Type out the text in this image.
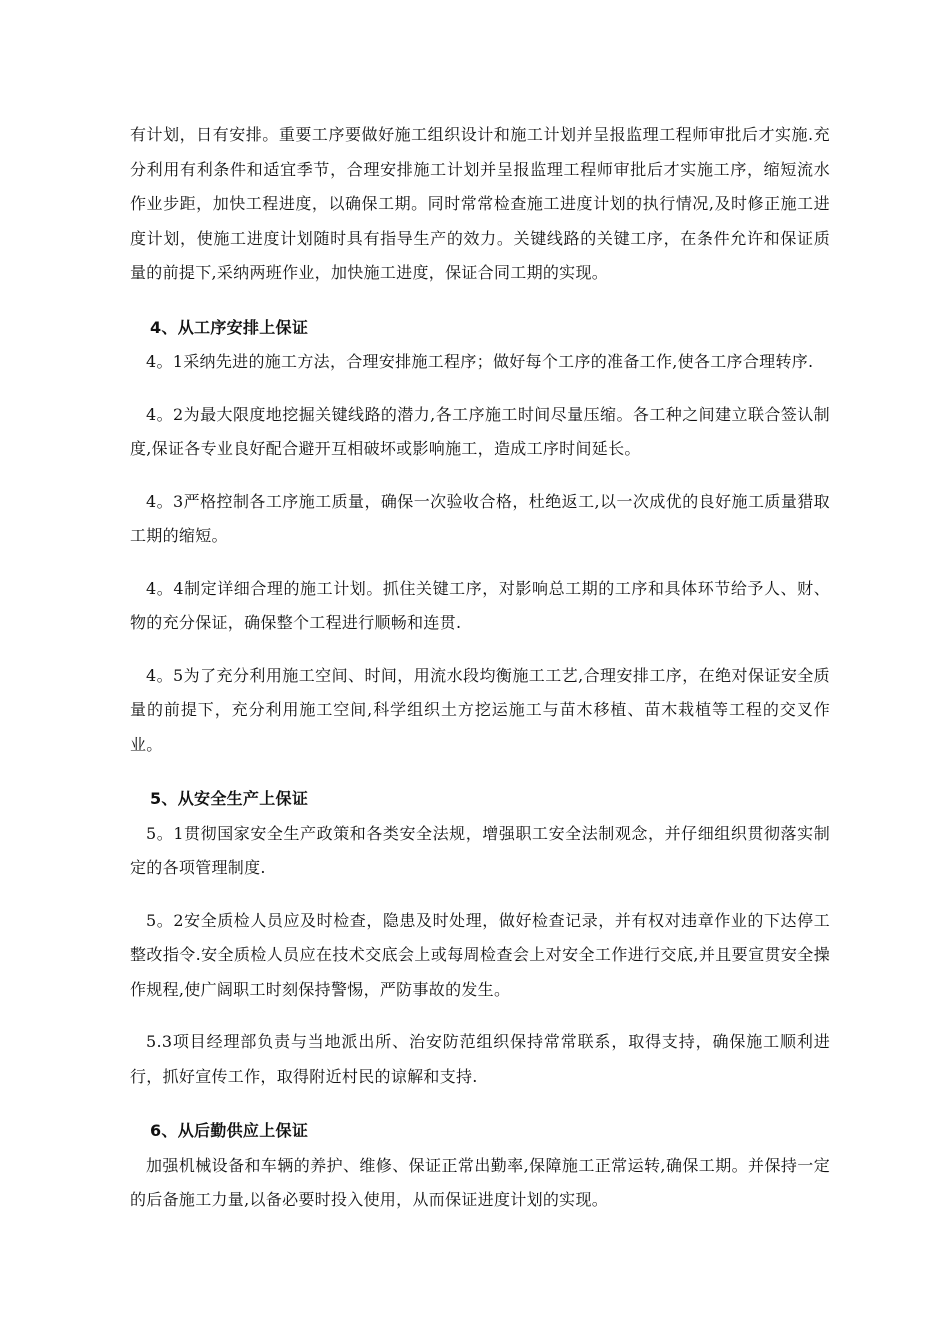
有计划，日有安排。重要工序要做好施工组织设计和施工计划并呈报监理工程师审批后才实施.充分利用有利条件和适宜季节，合理安排施工计划并呈报监理工程师审批后才实施工序，缩短流水作业步距，加快工程进度，以确保工期。同时常常检查施工进度计划的执行情况,及时修正施工进度计划，使施工进度计划随时具有指导生产的效力。关键线路的关键工序，在条件允许和保证质量的前提下,采纳两班作业，加快施工进度，保证合同工期的实现。

4、从工序安排上保证

4。1采纳先进的施工方法，合理安排施工程序；做好每个工序的准备工作,使各工序合理转序.

4。2为最大限度地挖掘关键线路的潜力,各工序施工时间尽量压缩。各工种之间建立联合签认制度,保证各专业良好配合避开互相破坏或影响施工，造成工序时间延长。

4。3严格控制各工序施工质量，确保一次验收合格，杜绝返工,以一次成优的良好施工质量猎取工期的缩短。

4。4制定详细合理的施工计划。抓住关键工序，对影响总工期的工序和具体环节给予人、财、物的充分保证，确保整个工程进行顺畅和连贯.

4。5为了充分利用施工空间、时间，用流水段均衡施工工艺,合理安排工序，在绝对保证安全质量的前提下，充分利用施工空间,科学组织土方挖运施工与苗木移植、苗木栽植等工程的交叉作业。

5、从安全生产上保证

5。1贯彻国家安全生产政策和各类安全法规，增强职工安全法制观念，并仔细组织贯彻落实制定的各项管理制度.

5。2安全质检人员应及时检查，隐患及时处理，做好检查记录，并有权对违章作业的下达停工整改指令.安全质检人员应在技术交底会上或每周检查会上对安全工作进行交底,并且要宣贯安全操作规程,使广阔职工时刻保持警惕，严防事故的发生。

5.3项目经理部负责与当地派出所、治安防范组织保持常常联系，取得支持，确保施工顺利进行，抓好宣传工作，取得附近村民的谅解和支持.

6、从后勤供应上保证

加强机械设备和车辆的养护、维修、保证正常出勤率,保障施工正常运转,确保工期。并保持一定的后备施工力量,以备必要时投入使用，从而保证进度计划的实现。
